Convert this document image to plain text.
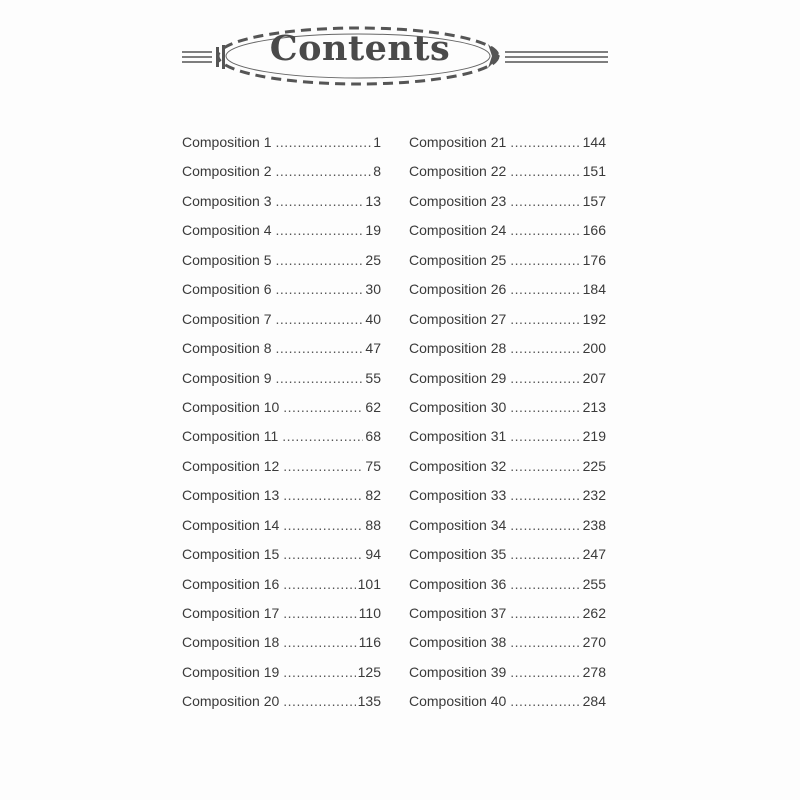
Contents
Composition 1 .....	1
Composition 2 .....	8
Composition 3 .....	13
Composition 4 .....	19
Composition 5 .....	25
Composition 6 .....	30
Composition 7 .....	40
Composition 8 .....	47
Composition 9 .....	55
Composition 10 .....	62
Composition 11 .....	68
Composition 12 .....	75
Composition 13 .....	82
Composition 14 .....	88
Composition 15 .....	94
Composition 16 .....	101
Composition 17 .....	110
Composition 18 .....	116
Composition 19 .....	125
Composition 20 .....	135
Composition 21 .....	144
Composition 22 .....	151
Composition 23 .....	157
Composition 24 .....	166
Composition 25 .....	176
Composition 26 .....	184
Composition 27 .....	192
Composition 28 .....	200
Composition 29 .....	207
Composition 30 .....	213
Composition 31 .....	219
Composition 32 .....	225
Composition 33 .....	232
Composition 34 .....	238
Composition 35 .....	247
Composition 36 .....	255
Composition 37 .....	262
Composition 38 .....	270
Composition 39 .....	278
Composition 40 .....	284
